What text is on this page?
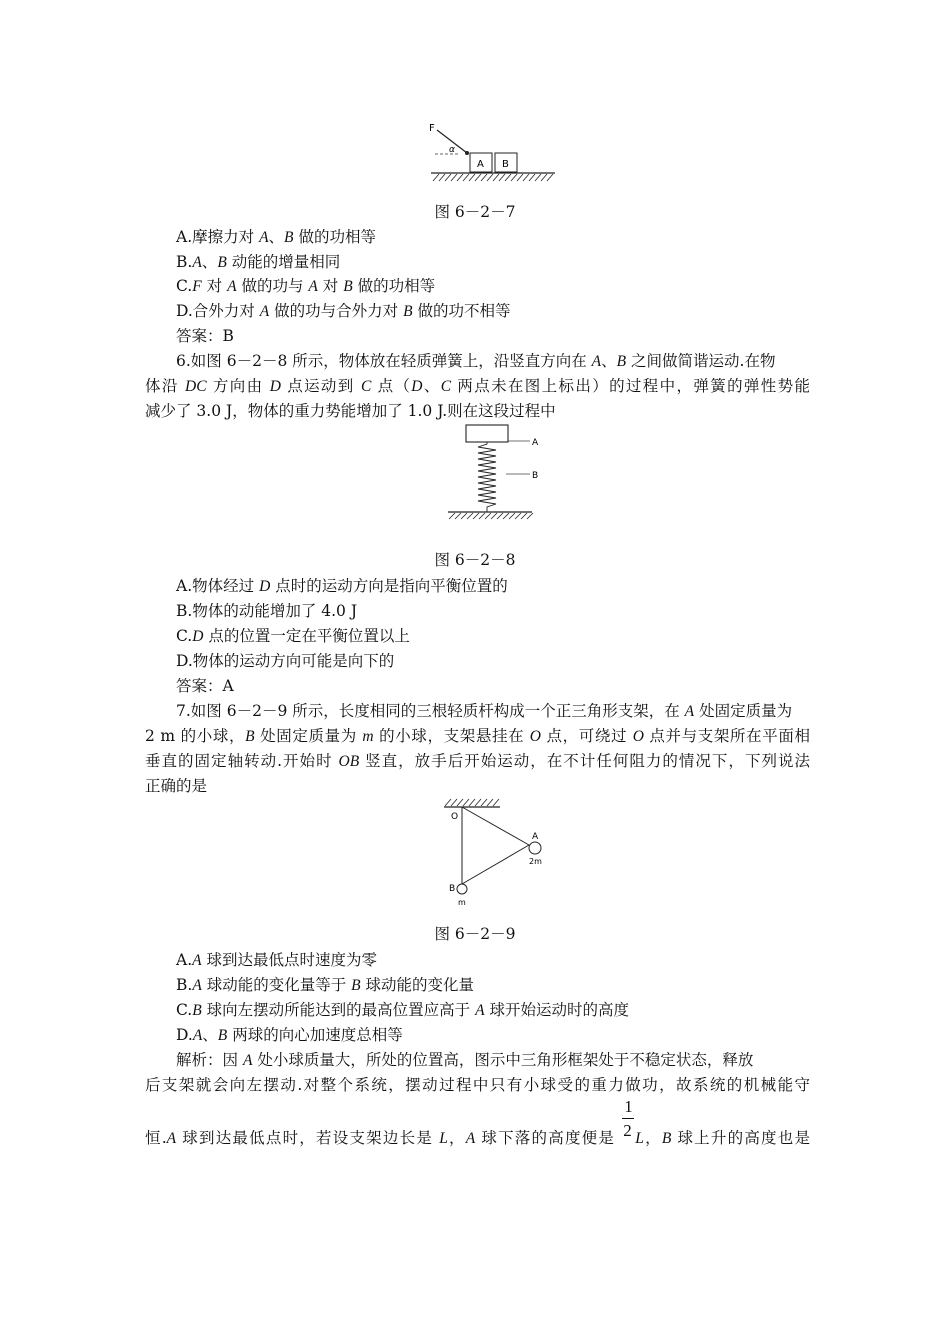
F
α
A B
图 6－2－7
A.摩擦力对 A、B 做的功相等
B.A、B 动能的增量相同
C.F 对 A 做的功与 A 对 B 做的功相等
D.合外力对 A 做的功与合外力对 B 做的功不相等
答案：B
6.如图 6－2－8 所示，物体放在轻质弹簧上，沿竖直方向在 A、B 之间做简谐运动.在物
体沿 DC 方向由 D 点运动到 C 点（D、C 两点未在图上标出）的过程中，弹簧的弹性势能
减少了 3.0 J，物体的重力势能增加了 1.0 J.则在这段过程中
A
B
图 6－2－8
A.物体经过 D 点时的运动方向是指向平衡位置的
B.物体的动能增加了 4.0 J
C.D 点的位置一定在平衡位置以上
D.物体的运动方向可能是向下的
答案：A
7.如图 6－2－9 所示，长度相同的三根轻质杆构成一个正三角形支架，在 A 处固定质量为
2 m 的小球，B 处固定质量为 m 的小球，支架悬挂在 O 点，可绕过 O 点并与支架所在平面相
垂直的固定轴转动.开始时 OB 竖直，放手后开始运动，在不计任何阻力的情况下，下列说法
正确的是
O
A
2m
B
m
图 6－2－9
A.A 球到达最低点时速度为零
B.A 球动能的变化量等于 B 球动能的变化量
C.B 球向左摆动所能达到的最高位置应高于 A 球开始运动时的高度
D.A、B 两球的向心加速度总相等
解析：因 A 处小球质量大，所处的位置高，图示中三角形框架处于不稳定状态，释放
后支架就会向左摆动.对整个系统，摆动过程中只有小球受的重力做功，故系统的机械能守
恒.A 球到达最低点时，若设支架边长是 L，A 球下落的高度便是 $\frac{1}{2}$ L，B 球上升的高度也是
